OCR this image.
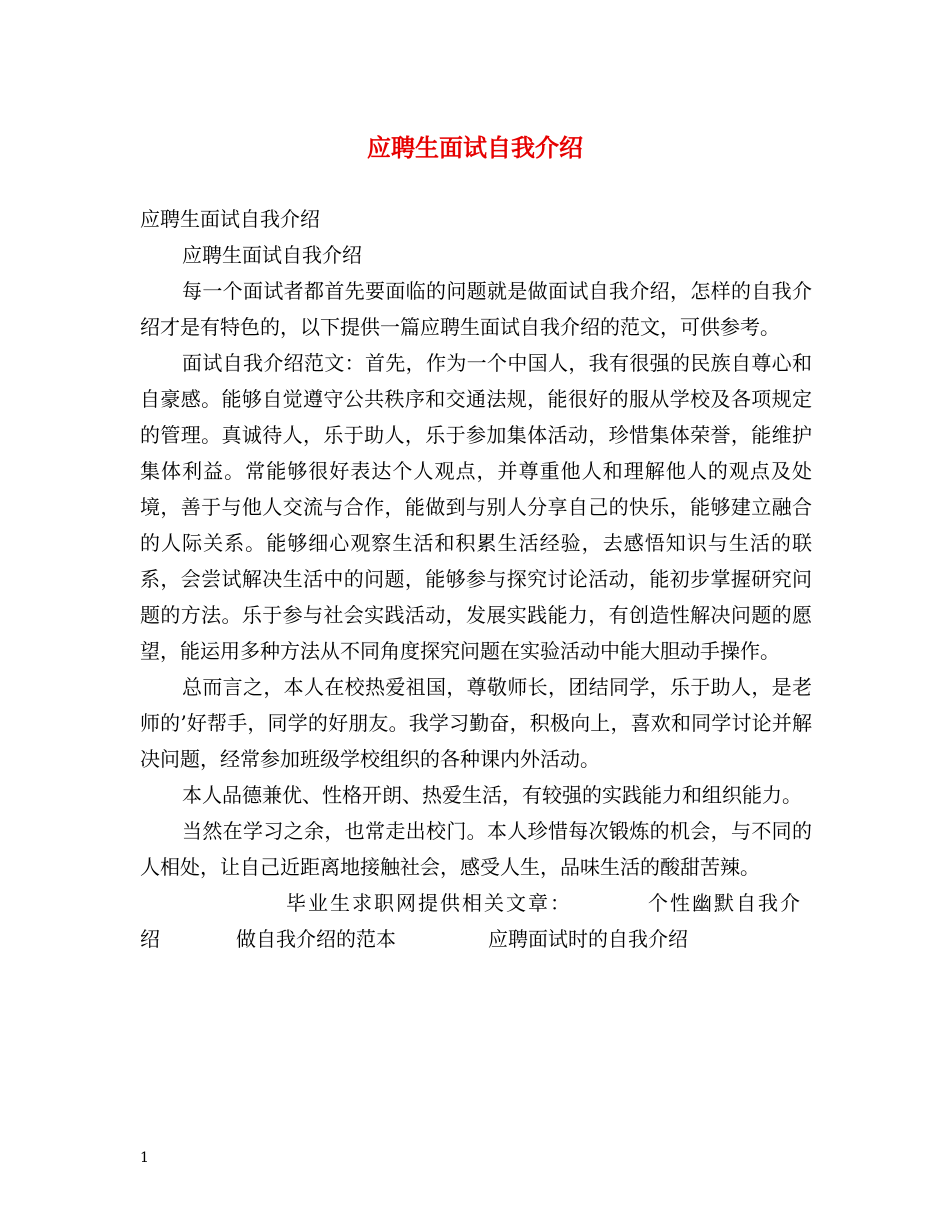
应聘生面试自我介绍

应聘生面试自我介绍

应聘生面试自我介绍

每一个面试者都首先要面临的问题就是做面试自我介绍，怎样的自我介绍才是有特色的，以下提供一篇应聘生面试自我介绍的范文，可供参考。

面试自我介绍范文：首先，作为一个中国人，我有很强的民族自尊心和自豪感。能够自觉遵守公共秩序和交通法规，能很好的服从学校及各项规定的管理。真诚待人，乐于助人，乐于参加集体活动，珍惜集体荣誉，能维护集体利益。常能够很好表达个人观点，并尊重他人和理解他人的观点及处境，善于与他人交流与合作，能做到与别人分享自己的快乐，能够建立融合的人际关系。能够细心观察生活和积累生活经验，去感悟知识与生活的联系，会尝试解决生活中的问题，能够参与探究讨论活动，能初步掌握研究问题的方法。乐于参与社会实践活动，发展实践能力，有创造性解决问题的愿望，能运用多种方法从不同角度探究问题在实验活动中能大胆动手操作。

总而言之，本人在校热爱祖国，尊敬师长，团结同学，乐于助人，是老师的’好帮手，同学的好朋友。我学习勤奋，积极向上，喜欢和同学讨论并解决问题，经常参加班级学校组织的各种课内外活动。

本人品德兼优、性格开朗、热爱生活，有较强的实践能力和组织能力。

当然在学习之余，也常走出校门。本人珍惜每次锻炼的机会，与不同的人相处，让自己近距离地接触社会，感受人生，品味生活的酸甜苦辣。

毕业生求职网提供相关文章：	个性幽默自我介
绍	做自我介绍的范本	应聘面试时的自我介绍
1
